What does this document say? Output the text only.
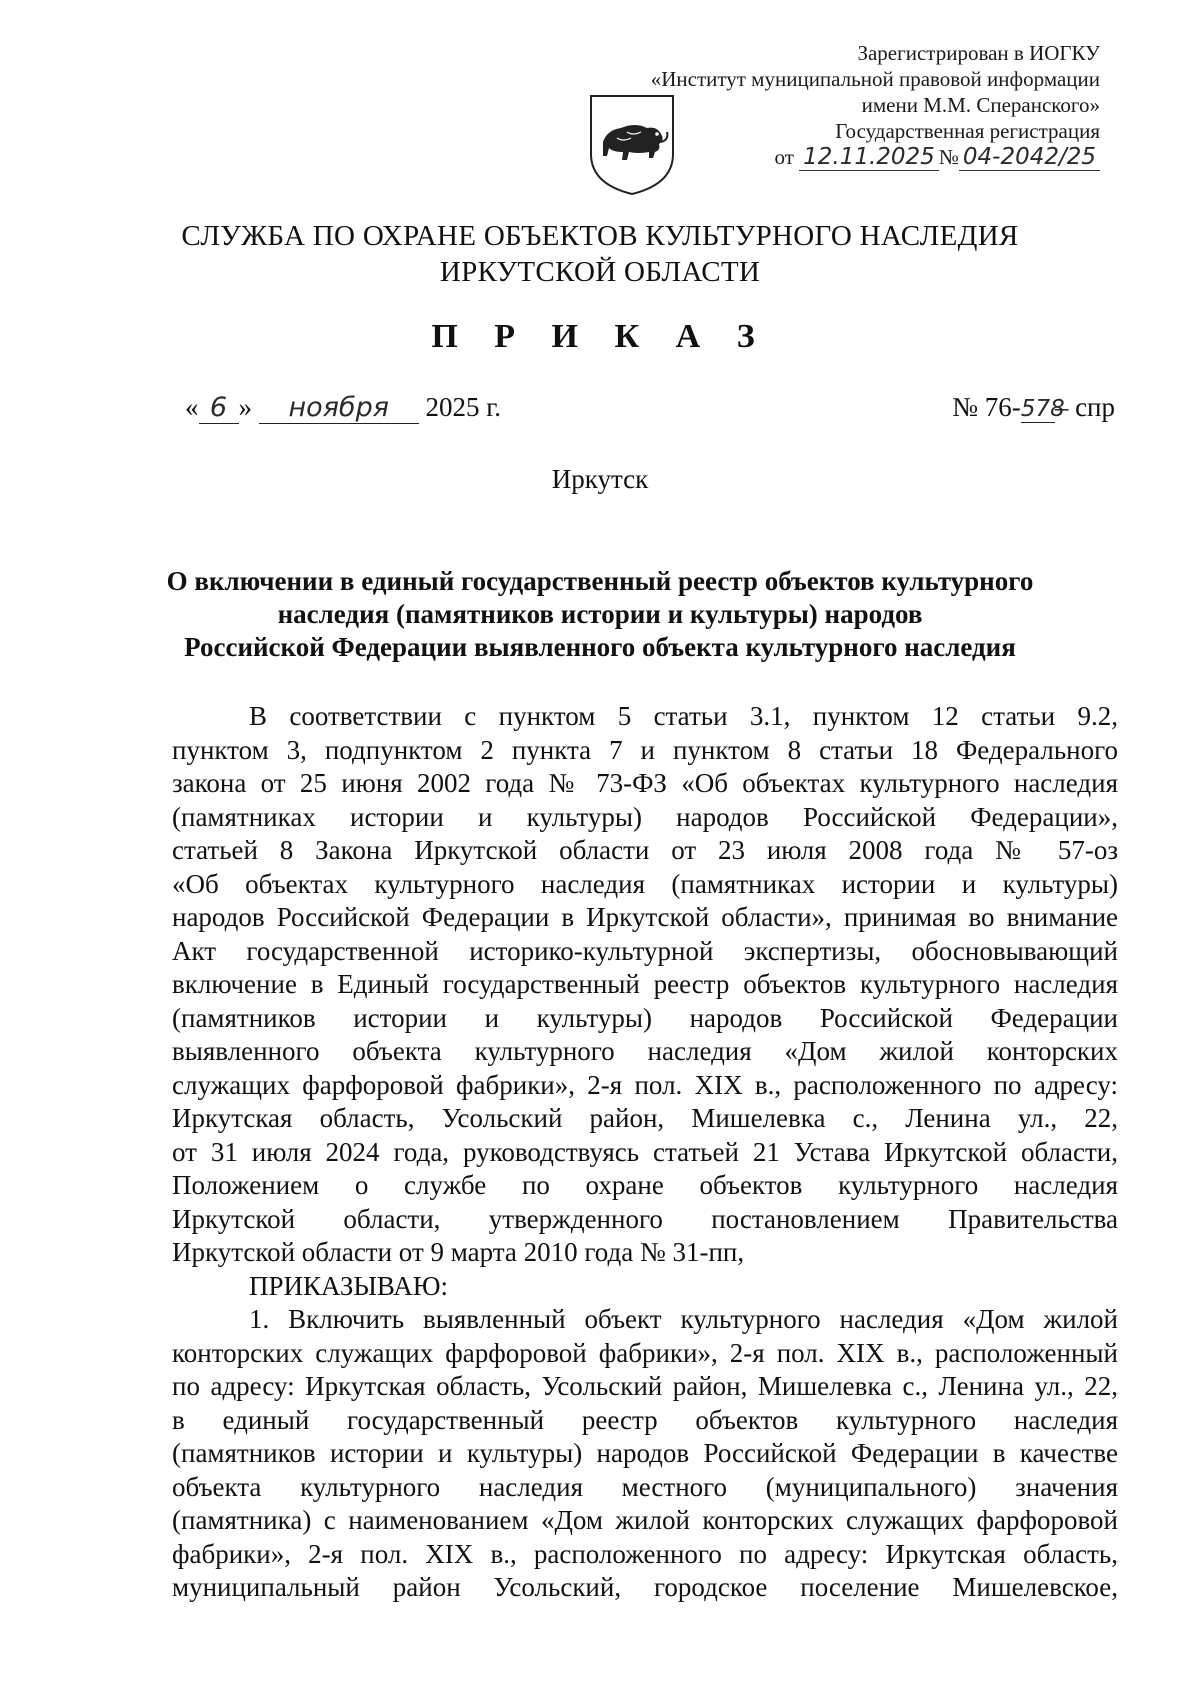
Зарегистрирован в ИОГКУ
«Институт муниципальной правовой информации
имени М.М. Сперанского»
Государственная регистрация
от 12.11.2025 № 04-2042/25
СЛУЖБА ПО ОХРАНЕ ОБЪЕКТОВ КУЛЬТУРНОГО НАСЛЕДИЯ
ИРКУТСКОЙ ОБЛАСТИ
П Р И К А З
« 6 » ноября 2025 г.	№ 76-578– спр
Иркутск
О включении в единый государственный реестр объектов культурного
наследия (памятников истории и культуры) народов
Российской Федерации выявленного объекта культурного наследия
В соответствии с пунктом 5 статьи 3.1, пунктом 12 статьи 9.2,
пунктом 3, подпунктом 2 пункта 7 и пунктом 8 статьи 18 Федерального
закона от 25 июня 2002 года № 73-ФЗ «Об объектах культурного наследия
(памятниках истории и культуры) народов Российской Федерации»,
статьей 8 Закона Иркутской области от 23 июля 2008 года № 57-оз
«Об объектах культурного наследия (памятниках истории и культуры)
народов Российской Федерации в Иркутской области», принимая во внимание
Акт государственной историко-культурной экспертизы, обосновывающий
включение в Единый государственный реестр объектов культурного наследия
(памятников истории и культуры) народов Российской Федерации
выявленного объекта культурного наследия «Дом жилой конторских
служащих фарфоровой фабрики», 2-я пол. XIX в., расположенного по адресу:
Иркутская область, Усольский район, Мишелевка с., Ленина ул., 22,
от 31 июля 2024 года, руководствуясь статьей 21 Устава Иркутской области,
Положением о службе по охране объектов культурного наследия
Иркутской области, утвержденного постановлением Правительства
Иркутской области от 9 марта 2010 года № 31-пп,
ПРИКАЗЫВАЮ:
1. Включить выявленный объект культурного наследия «Дом жилой
конторских служащих фарфоровой фабрики», 2-я пол. XIX в., расположенный
по адресу: Иркутская область, Усольский район, Мишелевка с., Ленина ул., 22,
в единый государственный реестр объектов культурного наследия
(памятников истории и культуры) народов Российской Федерации в качестве
объекта культурного наследия местного (муниципального) значения
(памятника) с наименованием «Дом жилой конторских служащих фарфоровой
фабрики», 2-я пол. XIX в., расположенного по адресу: Иркутская область,
муниципальный район Усольский, городское поселение Мишелевское,
